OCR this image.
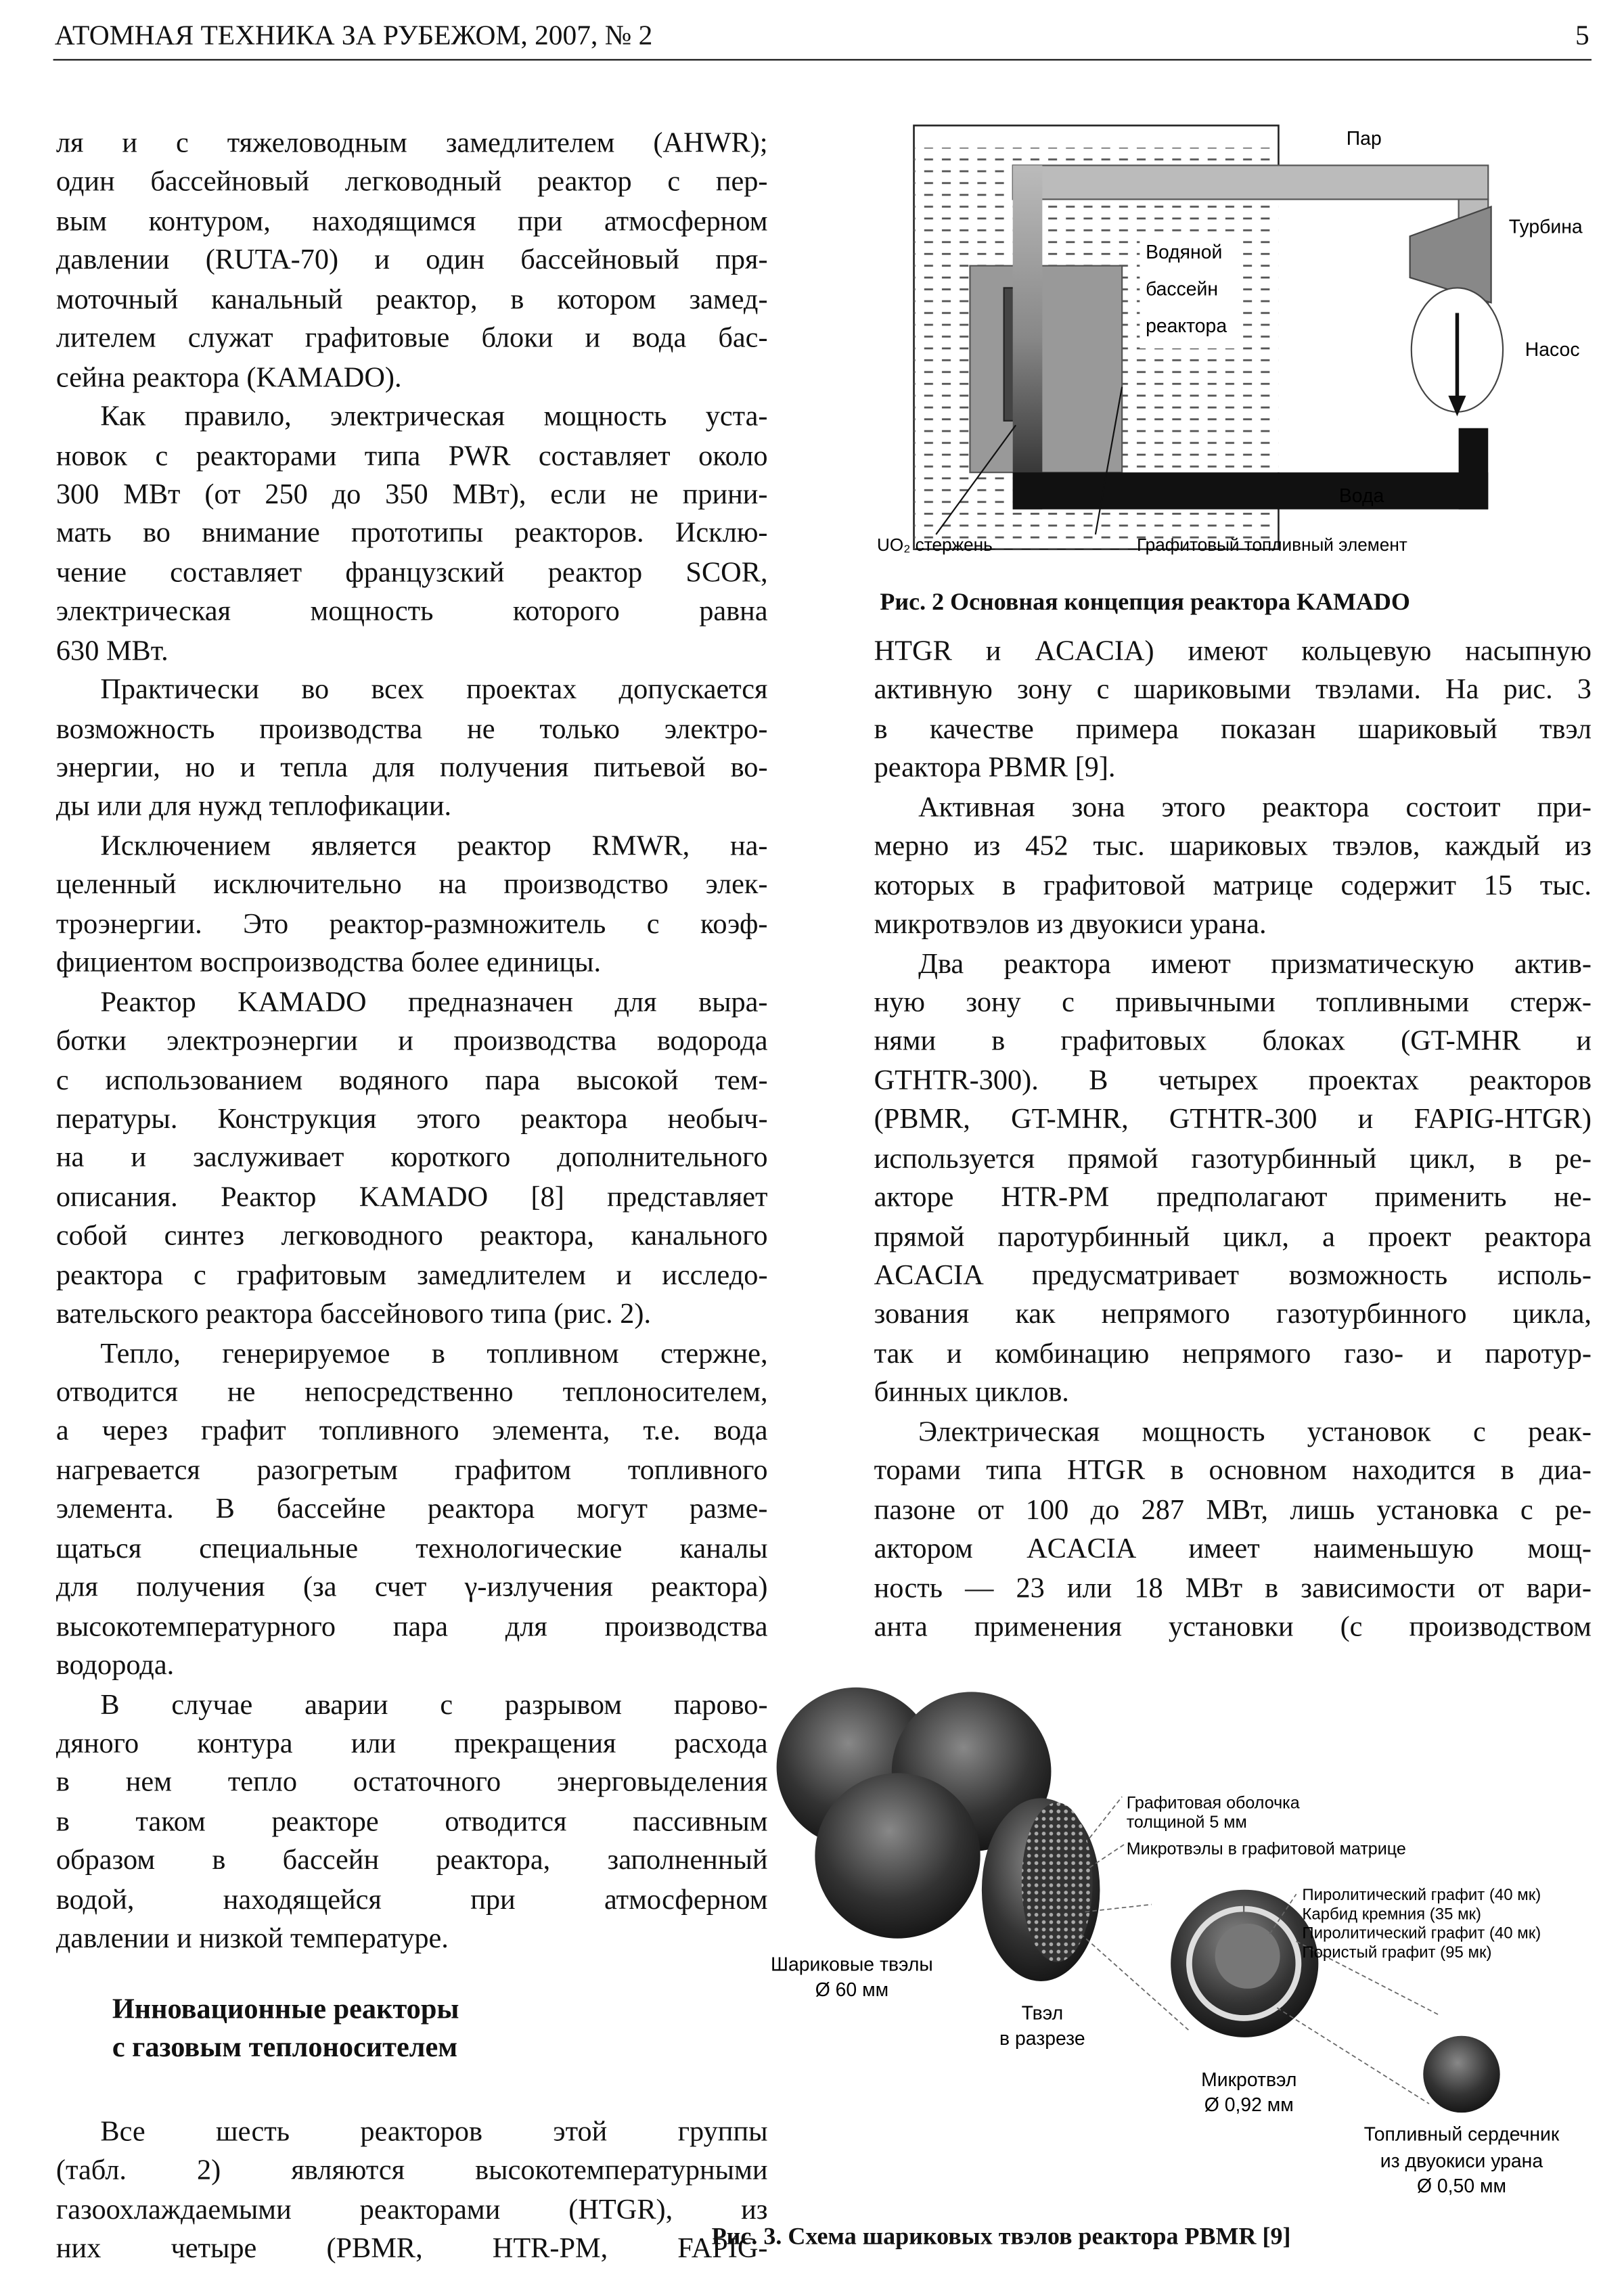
АТОМНАЯ ТЕХНИКА ЗА РУБЕЖОМ, 2007, № 2	5
ля и с тяжеловодным замедлителем (AHWR);
один бассейновый легководный реактор с пер-
вым контуром, находящимся при атмосферном
давлении (RUTA-70) и один бассейновый пря-
моточный канальный реактор, в котором замед-
лителем служат графитовые блоки и вода бас-
сейна реактора (KAMADO).
Как правило, электрическая мощность уста-
новок с реакторами типа PWR составляет около
300 МВт (от 250 до 350 МВт), если не прини-
мать во внимание прототипы реакторов. Исклю-
чение составляет французский реактор SCOR,
электрическая мощность которого равна
630 МВт.
Практически во всех проектах допускается
возможность производства не только электро-
энергии, но и тепла для получения питьевой во-
ды или для нужд теплофикации.
Исключением является реактор RMWR, на-
целенный исключительно на производство элек-
троэнергии. Это реактор-размножитель с коэф-
фициентом воспроизводства более единицы.
Реактор KAMADO предназначен для выра-
ботки электроэнергии и производства водорода
с использованием водяного пара высокой тем-
пературы. Конструкция этого реактора необыч-
на и заслуживает короткого дополнительного
описания. Реактор KAMADO [8] представляет
собой синтез легководного реактора, канального
реактора с графитовым замедлителем и исследо-
вательского реактора бассейнового типа (рис. 2).
Тепло, генерируемое в топливном стержне,
отводится не непосредственно теплоносителем,
а через графит топливного элемента, т.е. вода
нагревается разогретым графитом топливного
элемента. В бассейне реактора могут разме-
щаться специальные технологические каналы
для получения (за счет γ-излучения реактора)
высокотемпературного пара для производства
водорода.
В случае аварии с разрывом парово-
дяного контура или прекращения расхода
в нем тепло остаточного энерговыделения
в таком реакторе отводится пассивным
образом в бассейн реактора, заполненный
водой, находящейся при атмосферном
давлении и низкой температуре.
Инновационные реакторы
с газовым теплоносителем
Все шесть реакторов этой группы
(табл. 2) являются высокотемпературными
газоохлаждаемыми реакторами (HTGR), из
них четыре (PBMR, HTR-PM, FAPIG-
HTGR и ACACIA) имеют кольцевую насыпную
активную зону с шариковыми твэлами. На рис. 3
в качестве примера показан шариковый твэл
реактора PBMR [9].
Активная зона этого реактора состоит при-
мерно из 452 тыс. шариковых твэлов, каждый из
которых в графитовой матрице содержит 15 тыс.
микротвэлов из двуокиси урана.
Два реактора имеют призматическую актив-
ную зону с привычными топливными стерж-
нями в графитовых блоках (GT-MHR и
GTHTR-300). В четырех проектах реакторов
(PBMR, GT-MHR, GTHTR-300 и FAPIG-HTGR)
используется прямой газотурбинный цикл, в ре-
акторе HTR-PM предполагают применить не-
прямой паротурбинный цикл, а проект реактора
ACACIA предусматривает возможность исполь-
зования как непрямого газотурбинного цикла,
так и комбинацию непрямого газо- и паротур-
бинных циклов.
Электрическая мощность установок с реак-
торами типа HTGR в основном находится в диа-
пазоне от 100 до 287 МВт, лишь установка с ре-
актором ACACIA имеет наименьшую мощ-
ность — 23 или 18 МВт в зависимости от вари-
анта применения установки (с производством
Пар
Турбина
Водяной
бассейн
реактора
Насос
Вода
UO₂ стержень	Графитовый топливный элемент
Рис. 2 Основная концепция реактора KAMADO
Графитовая оболочка
толщиной 5 мм
Микротвэлы в графитовой матрице
Пиролитический графит (40 мк)
Карбид кремния (35 мк)
Пиролитический графит (40 мк)
Пористый графит (95 мк)
Шариковые твэлы
Ø 60 мм
Твэл
в разрезе
Микротвэл
Ø 0,92 мм
Топливный сердечник
из двуокиси урана
Ø 0,50 мм
Рис. 3. Схема шариковых твэлов реактора PBMR [9]
